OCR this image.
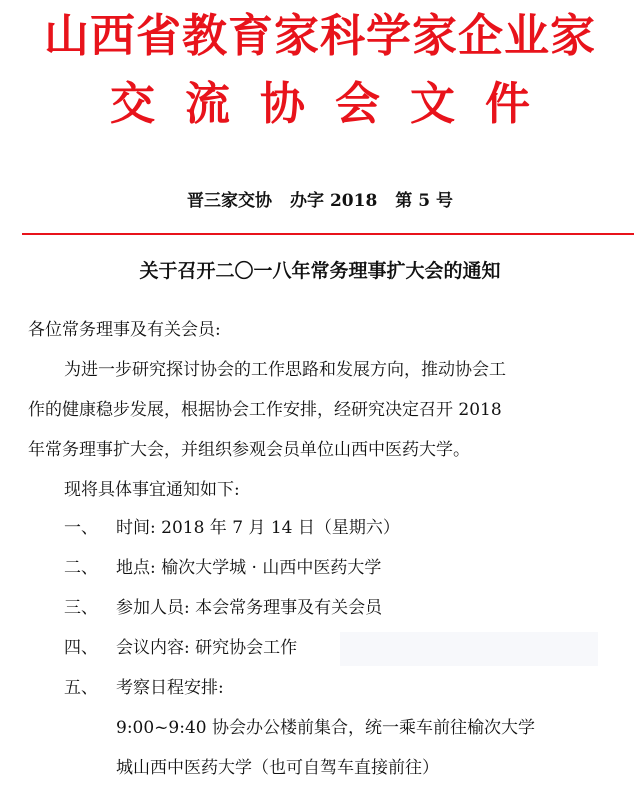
山西省教育家科学家企业家
交流协会文件
晋三家交协 办字 2018 第 5 号
关于召开二〇一八年常务理事扩大会的通知
各位常务理事及有关会员:
为进一步研究探讨协会的工作思路和发展方向，推动协会工
作的健康稳步发展，根据协会工作安排，经研究决定召开 2018
年常务理事扩大会，并组织参观会员单位山西中医药大学。
现将具体事宜通知如下:
一、 时间: 2018 年 7 月 14 日（星期六）
二、 地点: 榆次大学城 · 山西中医药大学
三、 参加人员: 本会常务理事及有关会员
四、 会议内容: 研究协会工作
五、 考察日程安排:
9:00~9:40 协会办公楼前集合，统一乘车前往榆次大学
城山西中医药大学（也可自驾车直接前往）
